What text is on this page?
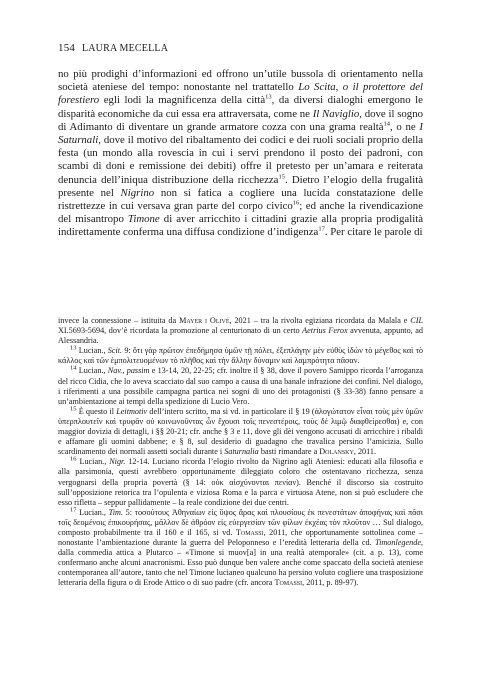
154 LAURA MECELLA

no più prodighi d’informazioni ed offrono un’utile bussola di orientamento nella società ateniese del tempo: nonostante nel trattatello Lo Scita, o il protettore del forestiero egli lodi la magnificenza della città$^{13}$, da diversi dialoghi emergono le disparità economiche da cui essa era attraversata, come ne Il Naviglio, dove il sogno di Adimanto di diventare un grande armatore cozza con una grama realtà$^{14}$, o ne I Saturnali, dove il motivo del ribaltamento dei codici e dei ruoli sociali proprio della festa (un mondo alla rovescia in cui i servi prendono il posto dei padroni, con scambi di doni e remissione dei debiti) offre il pretesto per un’amara e reiterata denuncia dell’iniqua distribuzione della ricchezza$^{15}$. Dietro l’elogio della frugalità presente nel Nigrino non si fatica a cogliere una lucida constatazione delle ristrettezze in cui versava gran parte del corpo civico$^{16}$; ed anche la rivendicazione del misantropo Timone di aver arricchito i cittadini grazie alla propria prodigalità indirettamente conferma una diffusa condizione d’indigenza$^{17}$. Per citare le parole di

invece la connessione – istituita da Mayer i Olivé, 2021 – tra la rivolta egiziana ricordata da Malala e CIL XI.5693-5694, dov’è ricordata la promozione al centurionato di un certo Aetrius Ferox avvenuta, appunto, ad Alessandria.

$^{13}$ Lucian., Scit. 9: ὅτι γὰρ πρῶτον ἐπεδήμησα ὑμῶν τῇ πόλει, ἐξεπλάγην μὲν εὐθὺς ἰδὼν τὸ μέγεθος καὶ τὸ κάλλος καὶ τῶν ἐμπολιτευομένων τὸ πλῆθος καὶ τὴν ἄλλην δύναμιν καὶ λαμπρότητα πᾶσαν.

$^{14}$ Lucian., Nav., passim e 13-14, 20, 22-25; cfr. inoltre il § 38, dove il povero Samippo ricorda l’arroganza del ricco Cidia, che lo aveva scacciato dal suo campo a causa di una banale infrazione dei confini. Nel dialogo, i riferimenti a una possibile campagna partica nei sogni di uno dei protagonisti (§ 33-38) fanno pensare a un’ambientazione ai tempi della spedizione di Lucio Vero.

$^{15}$ È questo il Leitmotiv dell’intero scritto, ma si vd. in particolare il § 19 (ἀλογώτατον εἶναι τοὺς μὲν ὑμῶν ὑπερπλουτεῖν καὶ τρυφᾶν οὐ κοινωνοῦντας ὧν ἔχουσι τοῖς πενεστέροις, τοὺς δὲ λιμῷ διαφθείρεσθαι) e, con maggior dovizia di dettagli, i §§ 20-21; cfr. anche § 3 e 11, dove gli dèi vengono accusati di arricchire i ribaldi e affamare gli uomini dabbene; e § 8, sul desiderio di guadagno che travalica persino l’amicizia. Sullo scardinamento dei normali assetti sociali durante i Saturnalia basti rimandare a Dolansky, 2011.

$^{16}$ Lucian., Nigr. 12-14. Luciano ricorda l’elogio rivolto da Nigrino agli Ateniesi: educati alla filosofia e alla parsimonia, questi avrebbero opportunamente dileggiato coloro che ostentavano ricchezza, senza vergognarsi della propria povertà (§ 14: οὐκ αἰσχύνονται πενίαν). Benché il discorso sia costruito sull’opposizione retorica tra l’opulenta e viziosa Roma e la parca e virtuosa Atene, non si può escludere che esso rifletta – seppur pallidamente – la reale condizione dei due centri.

$^{17}$ Lucian., Tim. 5: τοσούτους Ἀθηναίων εἰς ὕψος ἄρας καὶ πλουσίους ἐκ πενεστάτων ἀποφήνας καὶ πᾶσι τοῖς δεομένοις ἐπικουρήσας, μᾶλλον δὲ ἀθρόον εἰς εὐεργεσίαν τῶν φίλων ἐκχέας τὸν πλοῦτον … Sul dialogo, composto probabilmente tra il 160 e il 165, si vd. Tomassi, 2011, che opportunamente sottolinea come – nonostante l’ambientazione durante la guerra del Peloponneso e l’eredità letteraria della cd. Timonlegende, dalla commedia attica a Plutarco – «Timone si muov[a] in una realtà atemporale» (cit. a p. 13), come confermano anche alcuni anacronismi. Esso può dunque ben valere anche come spaccato della società ateniese contemporanea all’autore, tanto che nel Timone lucianeo qualcuno ha persino voluto cogliere una trasposizione letteraria della figura o di Erode Attico o di suo padre (cfr. ancora Tomassi, 2011, p. 89-97).
